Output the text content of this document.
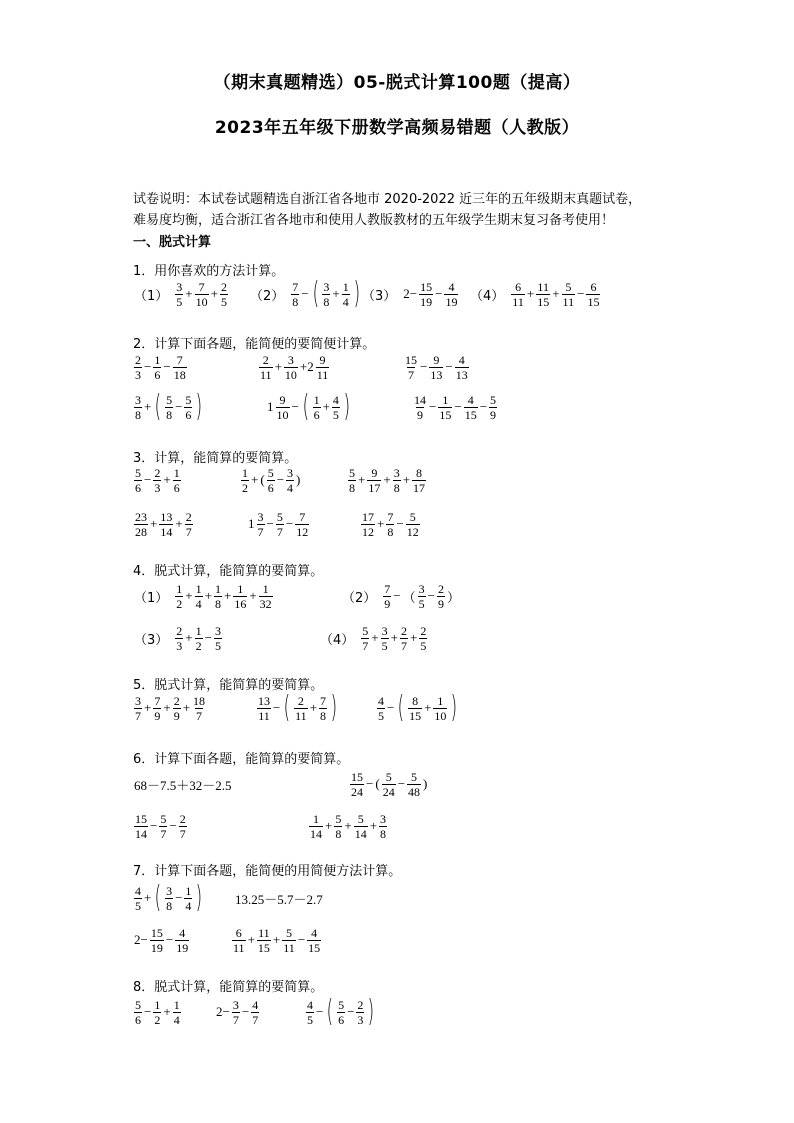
（期末真题精选）05-脱式计算100题（提高）
2023年五年级下册数学高频易错题（人教版）
试卷说明：本试卷试题精选自浙江省各地市 2020-2022 近三年的五年级期末真题试卷，
难易度均衡，适合浙江省各地市和使用人教版教材的五年级学生期末复习备考使用！
一、脱式计算
1．用你喜欢的方法计算。
2．计算下面各题，能简便的要简便计算。
3．计算，能简算的要简算。
4．脱式计算，能简算的要简算。
5．脱式计算，能简算的要简算。
6．计算下面各题，能简算的要简算。
7．计算下面各题，能简便的用简便方法计算。
8．脱式计算，能简算的要简算。
$(1) \frac{3}{5} + \frac{7}{10} + \frac{2}{5} (2) \frac{7}{8}$ − ( $\frac{3}{8} + \frac{1}{4}$ ) （3） $2- \frac{15}{19} - \frac{4}{19} (4) \frac{6}{11} + \frac{11}{15} + \frac{5}{11} - \frac{6}{15}$
$\frac{2}{3} - \frac{1}{6} - \frac{7}{18}$	$\frac{2}{11} + \frac{3}{10} +2 \frac{9}{11}$	$\frac{15}{7} - \frac{9}{13} - \frac{4}{13}$
$\frac{3}{8}$ + ( $\frac{5}{8} - \frac{5}{6}$ )	$1 \frac{9}{10}$ − ( $\frac{1}{6} + \frac{4}{5}$ )	$\frac{14}{9} - \frac{1}{15} - \frac{4}{15} - \frac{5}{9}$
$\frac{5}{6} - \frac{2}{3} + \frac{1}{6}$	$\frac{1}{2}$ + ( $\frac{5}{6} - \frac{3}{4}$ )	$\frac{5}{8} + \frac{9}{17} + \frac{3}{8} + \frac{8}{17}$
$\frac{23}{28} + \frac{13}{14} + \frac{2}{7}$	$1 \frac{3}{7} - \frac{5}{7} - \frac{7}{12}$	$\frac{17}{12} + \frac{7}{8} - \frac{5}{12}$
$(1) \frac{1}{2} + \frac{1}{4} + \frac{1}{8} + \frac{1}{16} + \frac{1}{32}$	$(2) \frac{7}{9}$ − （ $\frac{3}{5} - \frac{2}{9}$ ）
$(3) \frac{2}{3} + \frac{1}{2} - \frac{3}{5}$	$(4) \frac{5}{7} + \frac{3}{5} + \frac{2}{7} + \frac{2}{5}$
$\frac{3}{7} + \frac{7}{9} + \frac{2}{9} + \frac{18}{7}$	$\frac{13}{11}$ − ( $\frac{2}{11} + \frac{7}{8}$ )	$\frac{4}{5}$ − ( $\frac{8}{15} + \frac{1}{10}$ )
68－7.5＋32－2.5	$\frac{15}{24}$ − ( $\frac{5}{24} - \frac{5}{48}$ )
$\frac{15}{14} - \frac{5}{7} - \frac{2}{7}$	$\frac{1}{14} + \frac{5}{8} + \frac{5}{14} + \frac{3}{8}$
$\frac{4}{5}$ + ( $\frac{3}{8} - \frac{1}{4}$ )	13.25－5.7－2.7
$2- \frac{15}{19} - \frac{4}{19}$	$\frac{6}{11} + \frac{11}{15} + \frac{5}{11} - \frac{4}{15}$
$\frac{5}{6} - \frac{1}{2} + \frac{1}{4}$	$2- \frac{3}{7} - \frac{4}{7}$	$\frac{4}{5}$ − ( $\frac{5}{6} - \frac{2}{3}$ )
